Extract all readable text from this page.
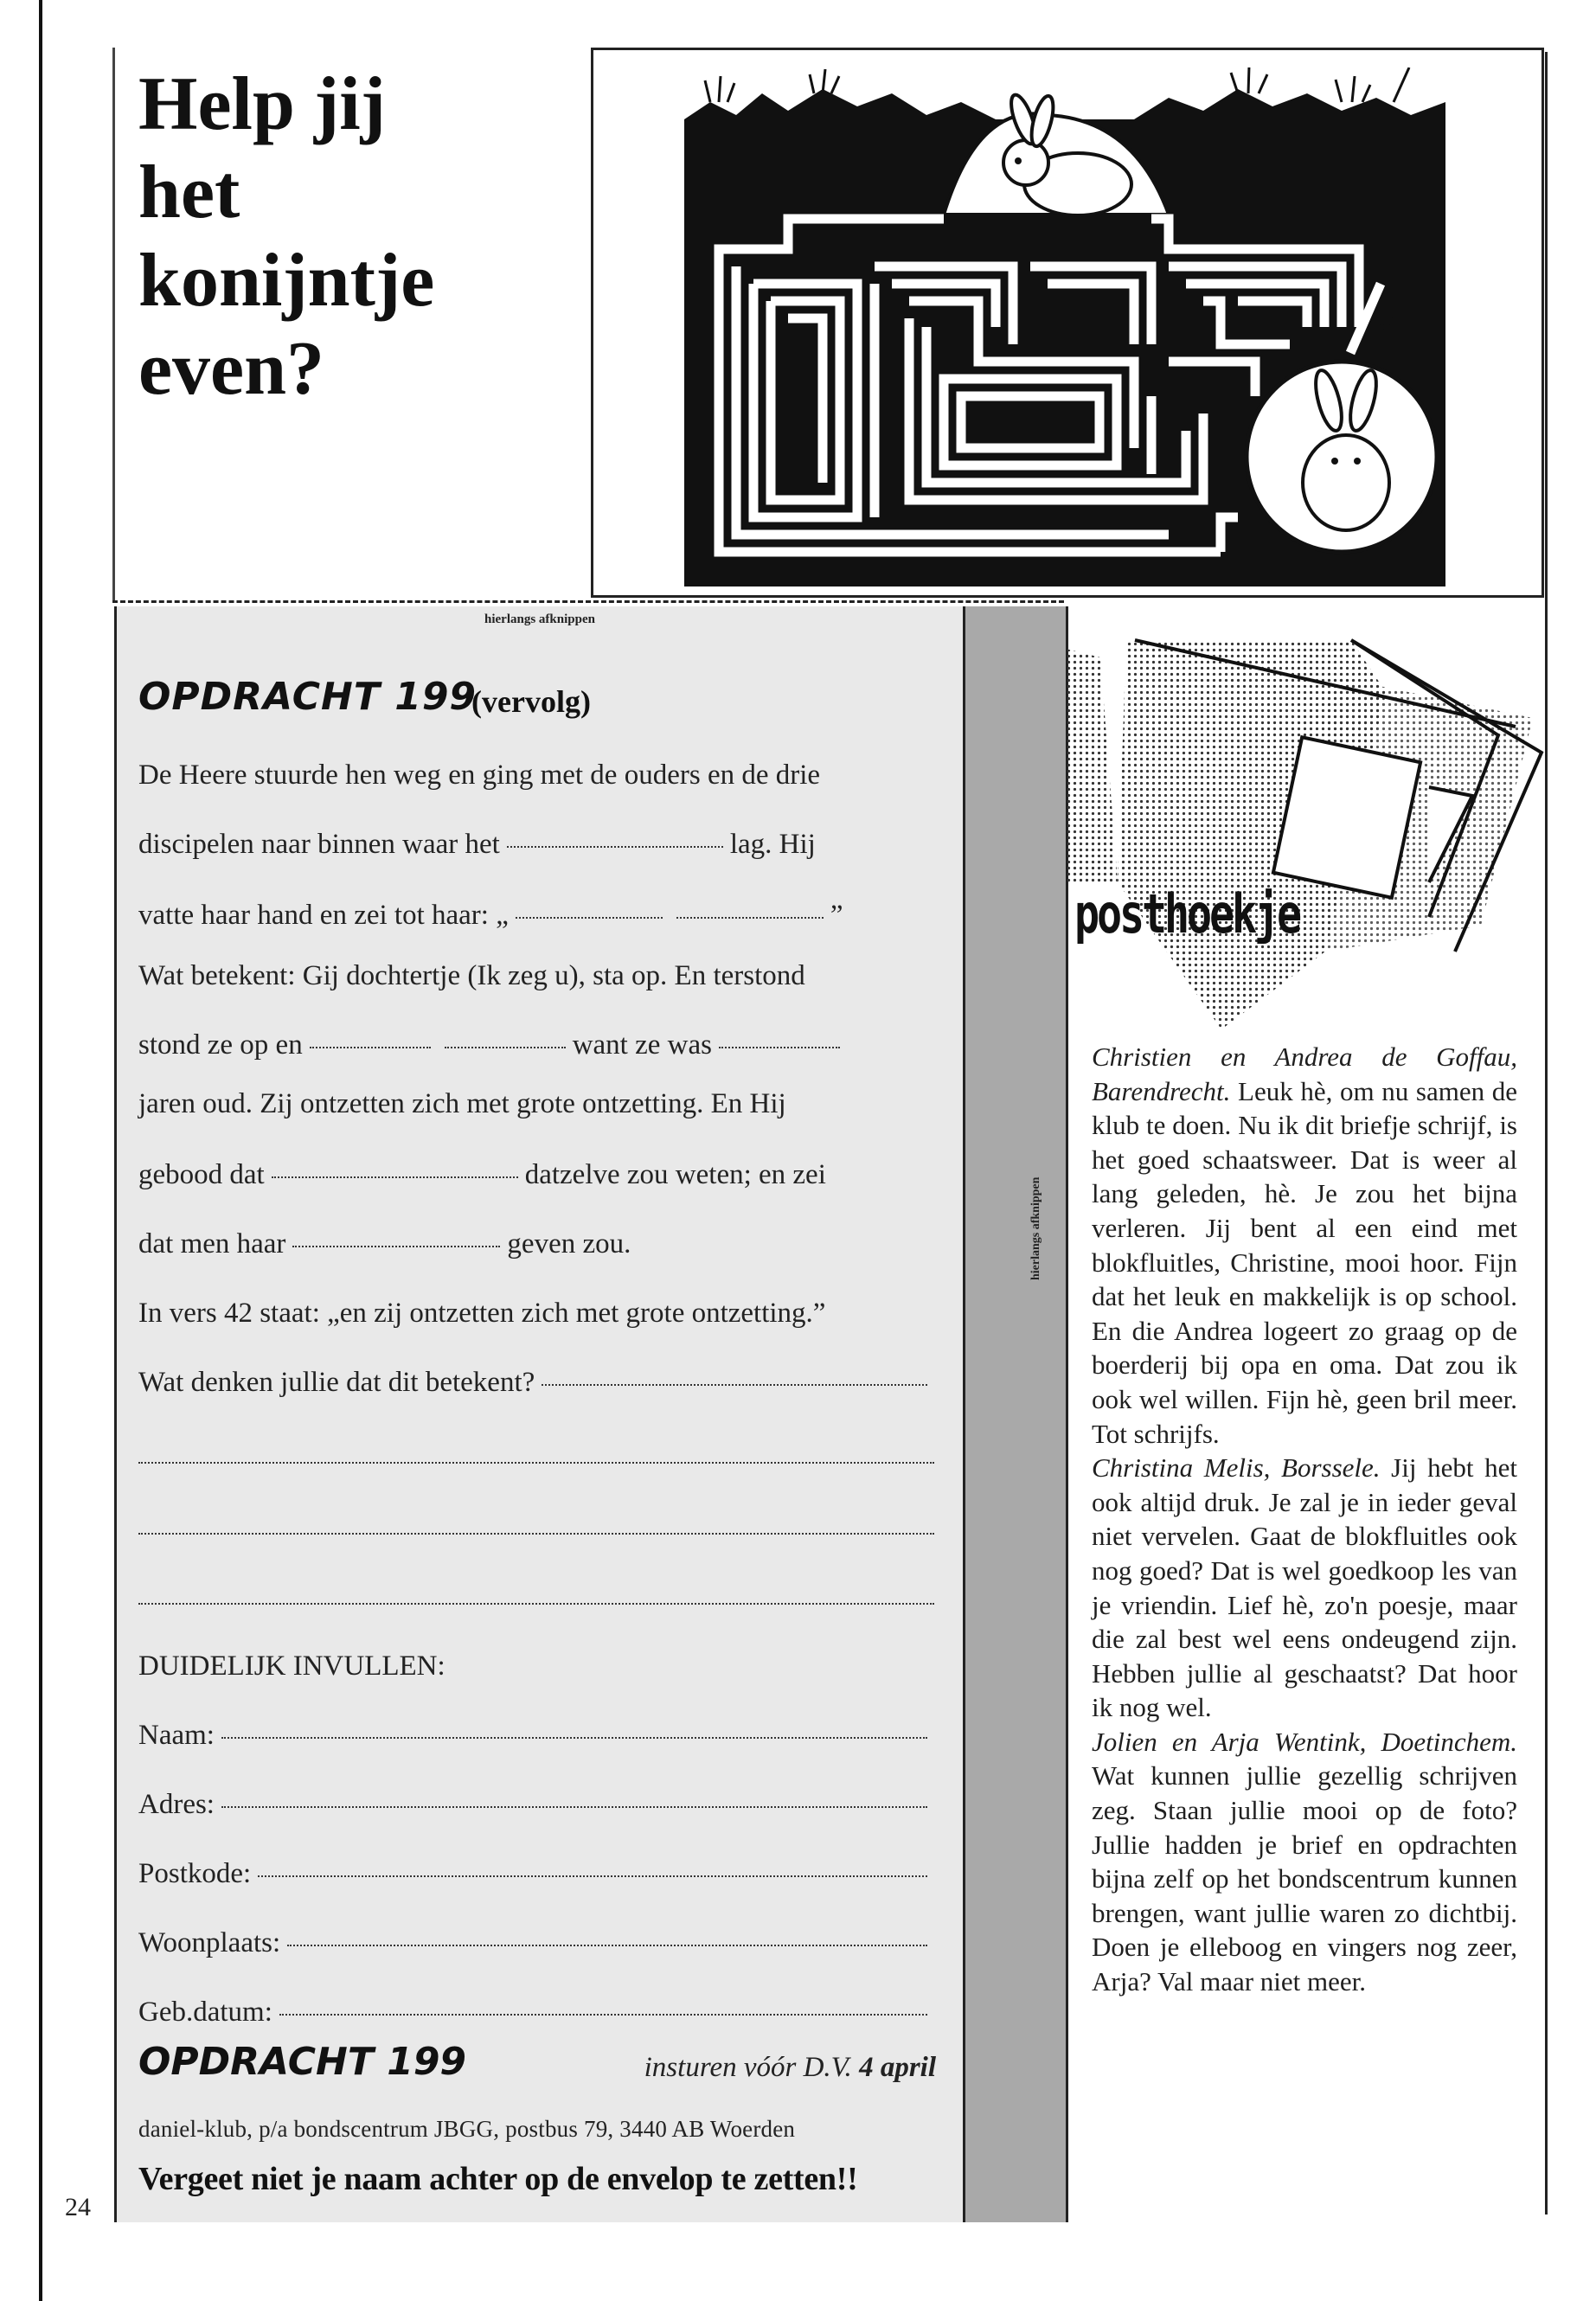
Help jij
het
konijntje
even?
hierlangs afknippen
hierlangs afknippen
OPDRACHT 199
(vervolg)
De Heere stuurde hen weg en ging met de ouders en de drie
discipelen naar binnen waar het	lag. Hij
vatte haar hand en zei tot haar: „	”
Wat betekent: Gij dochtertje (Ik zeg u), sta op. En terstond
stond ze op en	want ze was
jaren oud. Zij ontzetten zich met grote ontzetting. En Hij
gebood dat	datzelve zou weten; en zei
dat men haar	geven zou.
In vers 42 staat: „en zij ontzetten zich met grote ontzetting.”
Wat denken jullie dat dit betekent?
DUIDELIJK INVULLEN:
Naam:
Adres:
Postkode:
Woonplaats:
Geb.datum:
OPDRACHT 199	insturen vóór D.V. 4 april
daniel-klub, p/a bondscentrum JBGG, postbus 79, 3440 AB Woerden
Vergeet niet je naam achter op de envelop te zetten!!
24
posthoekje

Christien en Andrea de Goffau, Barendrecht. Leuk hè, om nu samen de klub te doen. Nu ik dit briefje schrijf, is het goed schaatsweer. Dat is weer al lang geleden, hè. Je zou het bijna verleren. Jij bent al een eind met blokfluitles, Christine, mooi hoor. Fijn dat het leuk en makkelijk is op school. En die Andrea logeert zo graag op de boerderij bij opa en oma. Dat zou ik ook wel willen. Fijn hè, geen bril meer. Tot schrijfs.

Christina Melis, Borssele. Jij hebt het ook altijd druk. Je zal je in ieder geval niet vervelen. Gaat de blokfluitles ook nog goed? Dat is wel goedkoop les van je vriendin. Lief hè, zo'n poesje, maar die zal best wel eens ondeugend zijn. Hebben jullie al geschaatst? Dat hoor ik nog wel.

Jolien en Arja Wentink, Doetinchem. Wat kunnen jullie gezellig schrijven zeg. Staan jullie mooi op de foto? Jullie hadden je brief en opdrachten bijna zelf op het bondscentrum kunnen brengen, want jullie waren zo dichtbij. Doen je elleboog en vingers nog zeer, Arja? Val maar niet meer.
